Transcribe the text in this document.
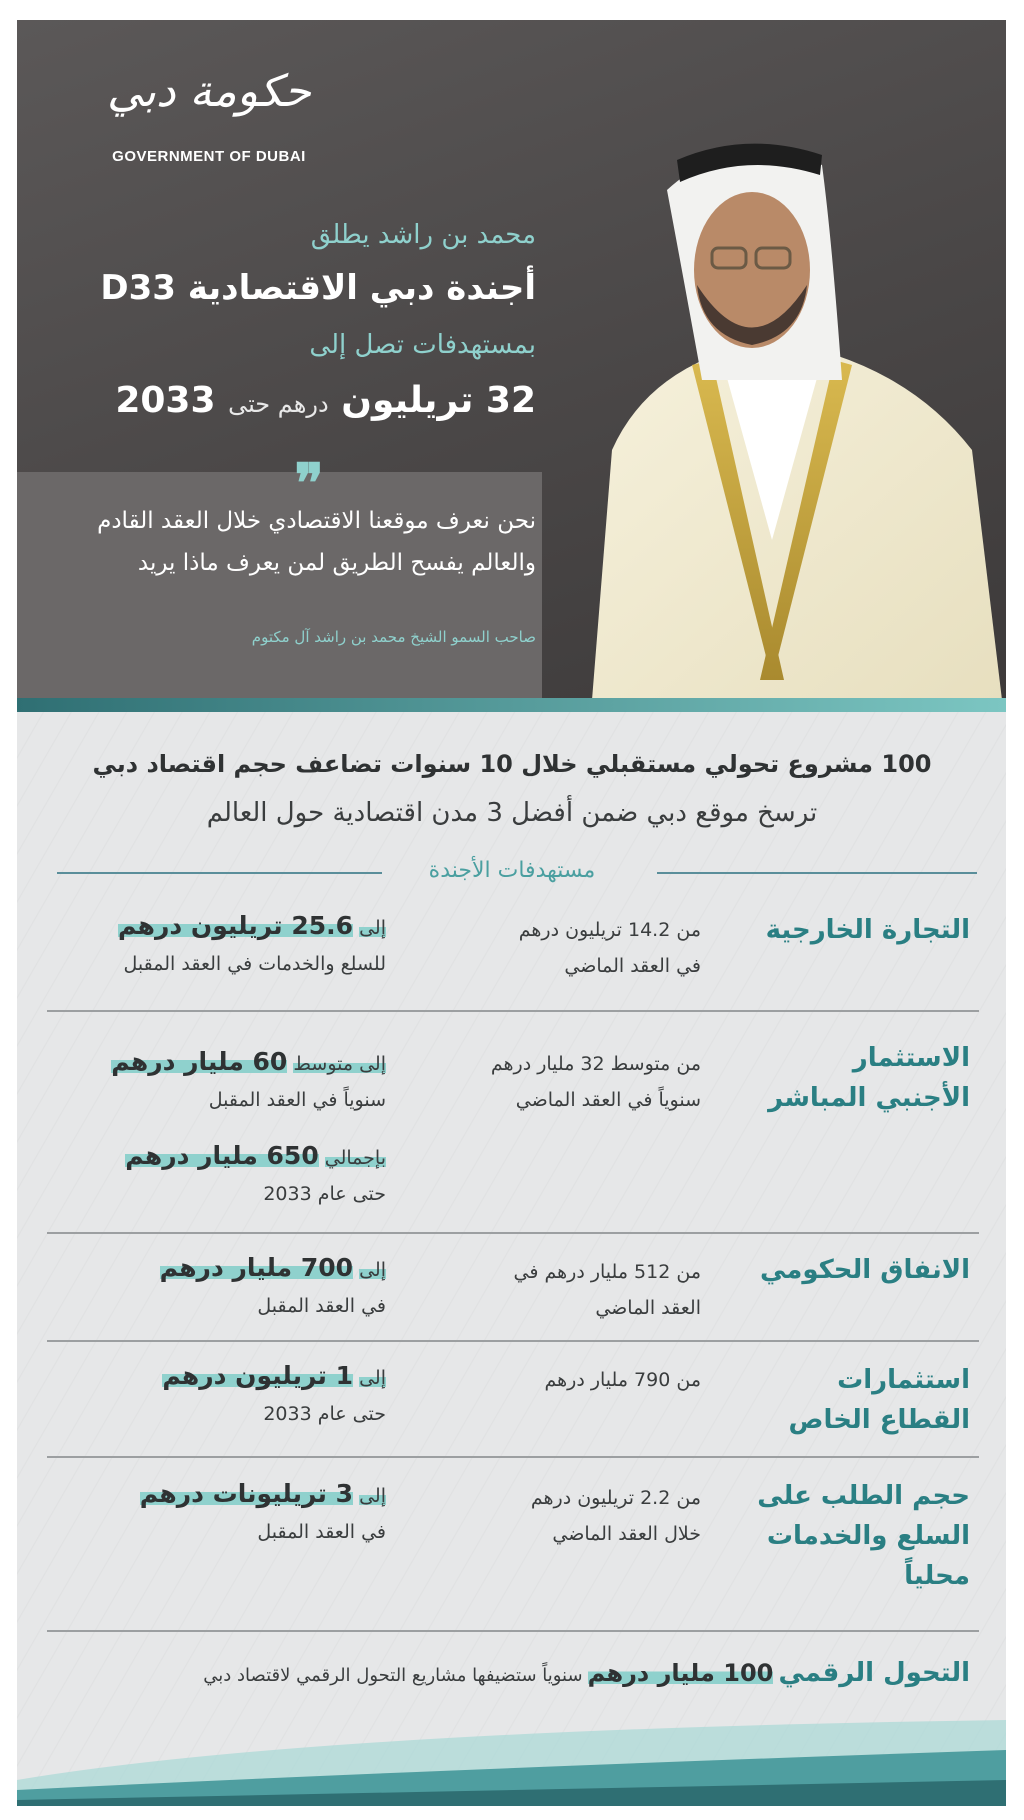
حكومة دبي
GOVERNMENT OF DUBAI
محمد بن راشد يطلق
أجندة دبي الاقتصادية D33
بمستهدفات تصل إلى
32 تريليون درهم حتى 2033
❞
نحن نعرف موقعنا الاقتصادي خلال العقد القادم والعالم يفسح الطريق لمن يعرف ماذا يريد
صاحب السمو الشيخ محمد بن راشد آل مكتوم
100 مشروع تحولي مستقبلي خلال 10 سنوات تضاعف حجم اقتصاد دبي
ترسخ موقع دبي ضمن أفضل 3 مدن اقتصادية حول العالم
مستهدفات الأجندة
التجارة الخارجية
من 14.2 تريليون درهم
في العقد الماضي
إلى 25.6 تريليون درهم
للسلع والخدمات في العقد المقبل
الاستثمار الأجنبي المباشر
من متوسط 32 مليار درهم
سنوياً في العقد الماضي
إلى متوسط 60 مليار درهم
سنوياً في العقد المقبل
بإجمالي 650 مليار درهم
حتى عام 2033
الانفاق الحكومي
من 512 مليار درهم في
العقد الماضي
إلى 700 مليار درهم
في العقد المقبل
استثمارات القطاع الخاص
من 790 مليار درهم
إلى 1 تريليون درهم
حتى عام 2033
حجم الطلب على السلع والخدمات محلياً
من 2.2 تريليون درهم
خلال العقد الماضي
إلى 3 تريليونات درهم
في العقد المقبل
التحول الرقمي 100 مليار درهم سنوياً ستضيفها مشاريع التحول الرقمي لاقتصاد دبي
